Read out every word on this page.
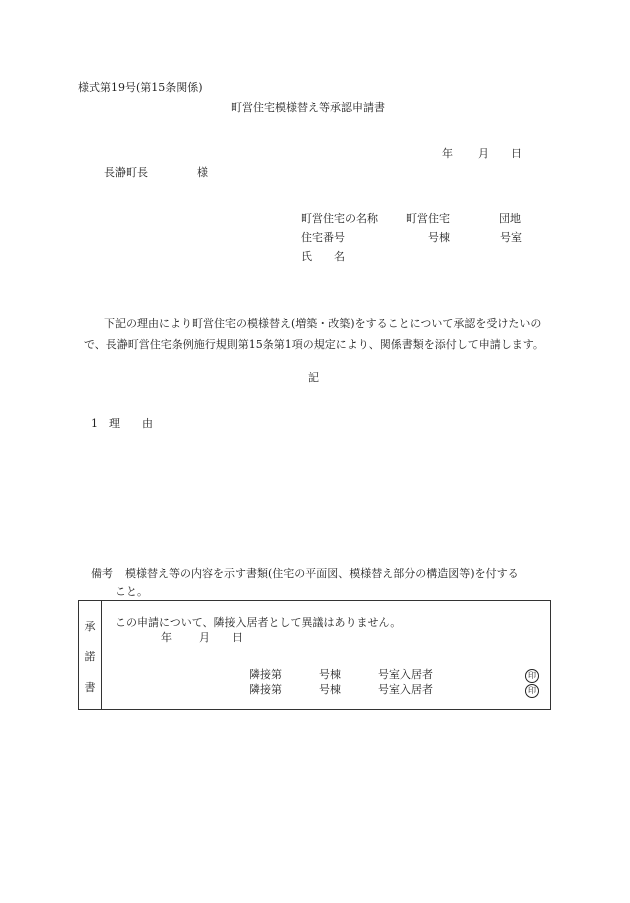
様式第19号(第15条関係)
町営住宅模様替え等承認申請書
年 月 日
長瀞町長	様
町営住宅の名称	町営住宅	団地
住宅番号	号棟	号室
氏　　名
下記の理由により町営住宅の模様替え(増築・改築)をすることについて承認を受けたいので、長瀞町営住宅条例施行規則第15条第1項の規定により、関係書類を添付して申請します。
記
1 理　　由
備考 模様替え等の内容を示す書類(住宅の平面図、模様替え部分の構造図等)を付する
こと。
承
諾
書
この申請について、隣接入居者として異議はありません。
年 月 日
隣接第	号棟	号室入居者	印
隣接第	号棟	号室入居者	印
